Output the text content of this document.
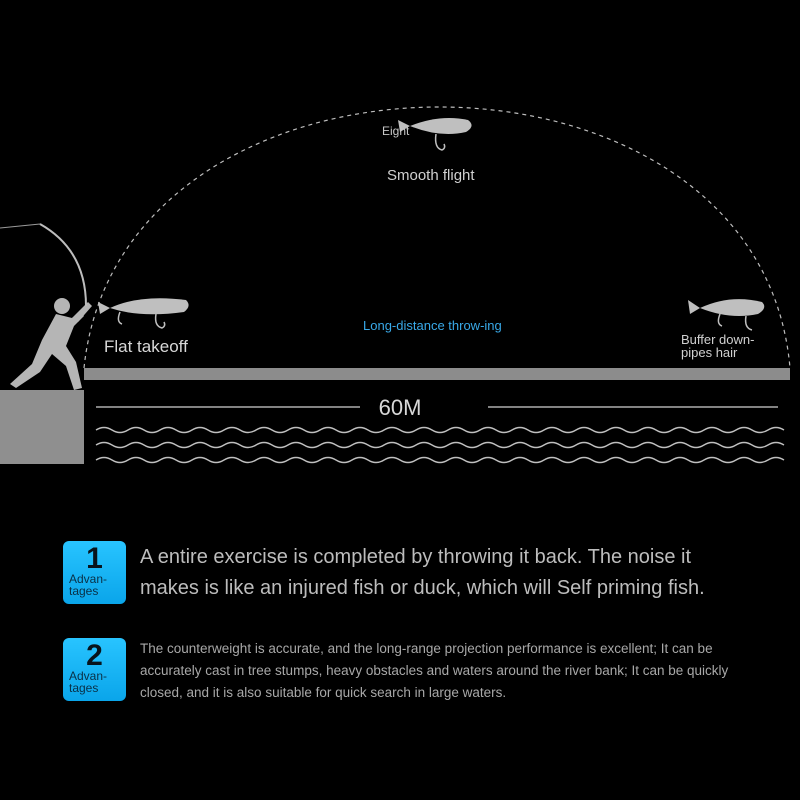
Eight
Smooth flight
Flat takeoff
Long-distance throw-ing
Buffer down-pipes hair
60M
1
Advan-tages
A entire exercise is completed by throwing it back. The noise it makes is like an injured fish or duck, which will Self priming fish.
2
Advan-tages
The counterweight is accurate, and the long-range projection performance is excellent; It can be accurately cast in tree stumps, heavy obstacles and waters around the river bank; It can be quickly closed, and it is also suitable for quick search in large waters.
